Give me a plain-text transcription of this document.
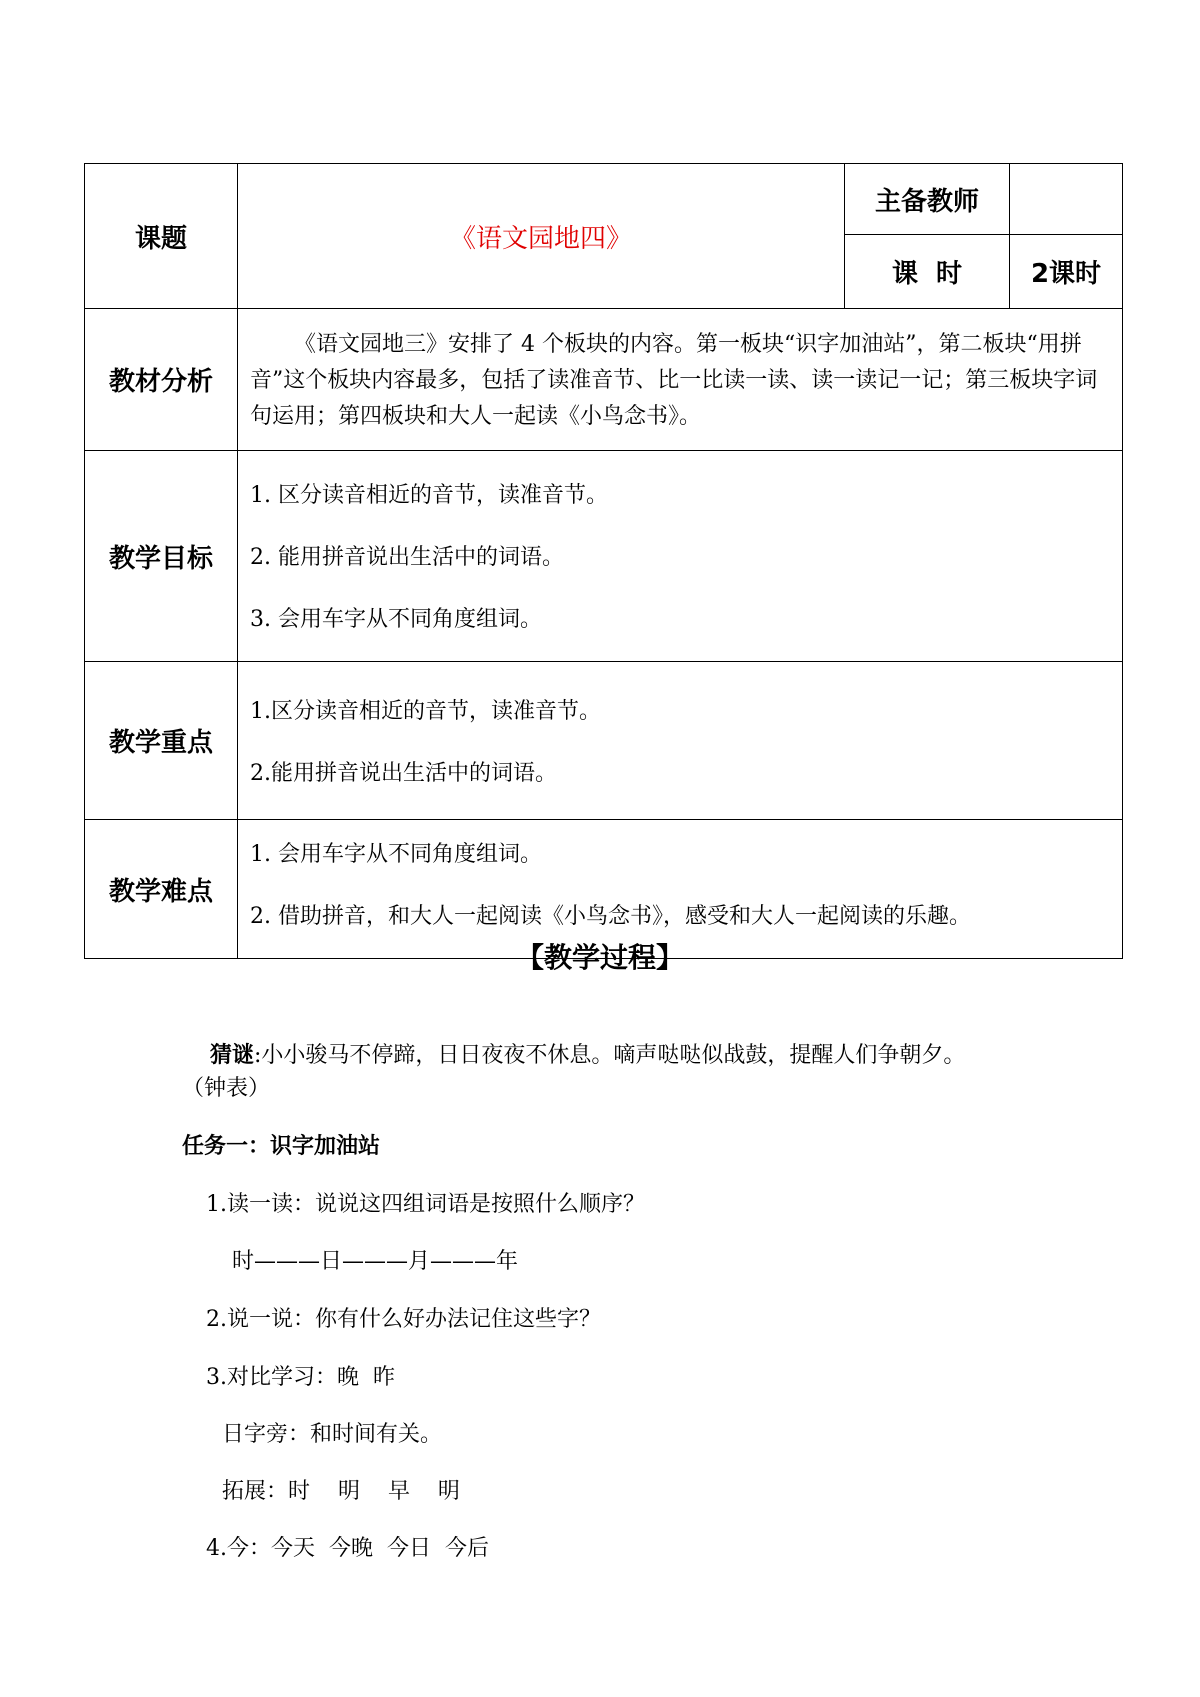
课题	《语文园地四》	主备教师	
		课  时	2课时
教材分析	《语文园地三》安排了 4 个板块的内容。第一板块“识字加油站”，第二板块“用拼音”这个板块内容最多，包括了读准音节、比一比读一读、读一读记一记；第三板块字词句运用；第四板块和大人一起读《小鸟念书》。		

教学目标	1. 区分读音相近的音节，读准音节。

2. 能用拼音说出生活中的词语。

3. 会用车字从不同角度组词。		

教学重点	1.区分读音相近的音节，读准音节。

2.能用拼音说出生活中的词语。		

教学难点	1. 会用车字从不同角度组词。

2. 借助拼音，和大人一起阅读《小鸟念书》，感受和大人一起阅读的乐趣。		

【教学过程】

猜谜:小小骏马不停蹄，日日夜夜不休息。嘀声哒哒似战鼓，提醒人们争朝夕。

（钟表）
任务一：识字加油站
1.读一读：说说这四组词语是按照什么顺序？
时———日———月———年
2.说一说：你有什么好办法记住这些字？
3.对比学习：晚  昨
日字旁：和时间有关。
拓展：时    明    早    明
4.今：今天  今晚  今日  今后
